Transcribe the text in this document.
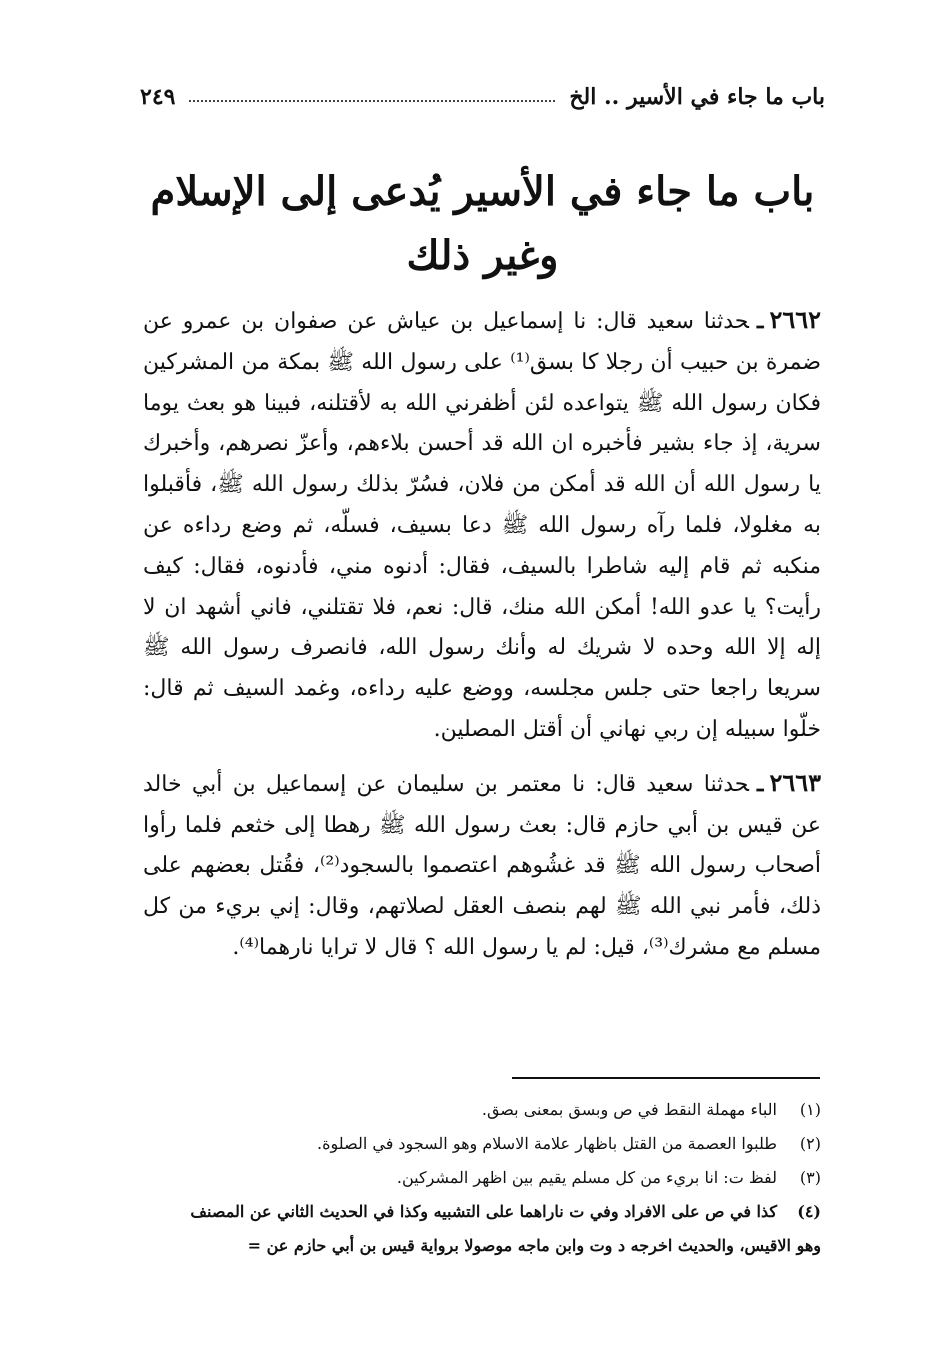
باب ما جاء في الأسير .. الخ
٢٤٩
باب ما جاء في الأسير يُدعى إلى الإسلام
وغير ذلك

٢٦٦٢ـحدثنا سعيد قال: نا إسماعيل بن عياش عن صفوان بن عمرو عن ضمرة بن حبيب أن رجلا كا بسق⁽¹⁾ على رسول الله ﷺ بمكة من المشركين فكان رسول الله ﷺ يتواعده لئن أظفرني الله به لأقتلنه، فبينا هو بعث يوما سرية، إذ جاء بشير فأخبره ان الله قد أحسن بلاءهم، وأعزّ نصرهم، وأخبرك يا رسول الله أن الله قد أمكن من فلان، فسُرّ بذلك رسول الله ﷺ، فأقبلوا به مغلولا، فلما رآه رسول الله ﷺ دعا بسيف، فسلّه، ثم وضع رداءه عن منكبه ثم قام إليه شاطرا بالسيف، فقال: أدنوه مني، فأدنوه، فقال: كيف رأيت؟ يا عدو الله! أمكن الله منك، قال: نعم، فلا تقتلني، فاني أشهد ان لا إله إلا الله وحده لا شريك له وأنك رسول الله، فانصرف رسول الله ﷺ سريعا راجعا حتى جلس مجلسه، ووضع عليه رداءه، وغمد السيف ثم قال: خلّوا سبيله إن ربي نهاني أن أقتل المصلين.

٢٦٦٣ـحدثنا سعيد قال: نا معتمر بن سليمان عن إسماعيل بن أبي خالد عن قيس بن أبي حازم قال: بعث رسول الله ﷺ رهطا إلى خثعم فلما رأوا أصحاب رسول الله ﷺ قد غشُوهم اعتصموا بالسجود⁽²⁾، فقُتل بعضهم على ذلك، فأمر نبي الله ﷺ لهم بنصف العقل لصلاتهم، وقال: إني بريء من كل مسلم مع مشرك⁽³⁾، قيل: لم يا رسول الله ؟ قال لا ترايا نارهما⁽⁴⁾.

(١)الباء مهملة النقط في ص وبسق بمعنى بصق.
(٢)طلبوا العصمة من القتل باظهار علامة الاسلام وهو السجود في الصلوة.
(٣)لفظ ت: انا بريء من كل مسلم يقيم بين اظهر المشركين.
(٤)كذا في ص على الافراد وفي ت ناراهما على التشبيه وكذا في الحديث الثاني عن المصنف
وهو الاقيس، والحديث اخرجه د وت وابن ماجه موصولا برواية قيس بن أبي حازم عن =
